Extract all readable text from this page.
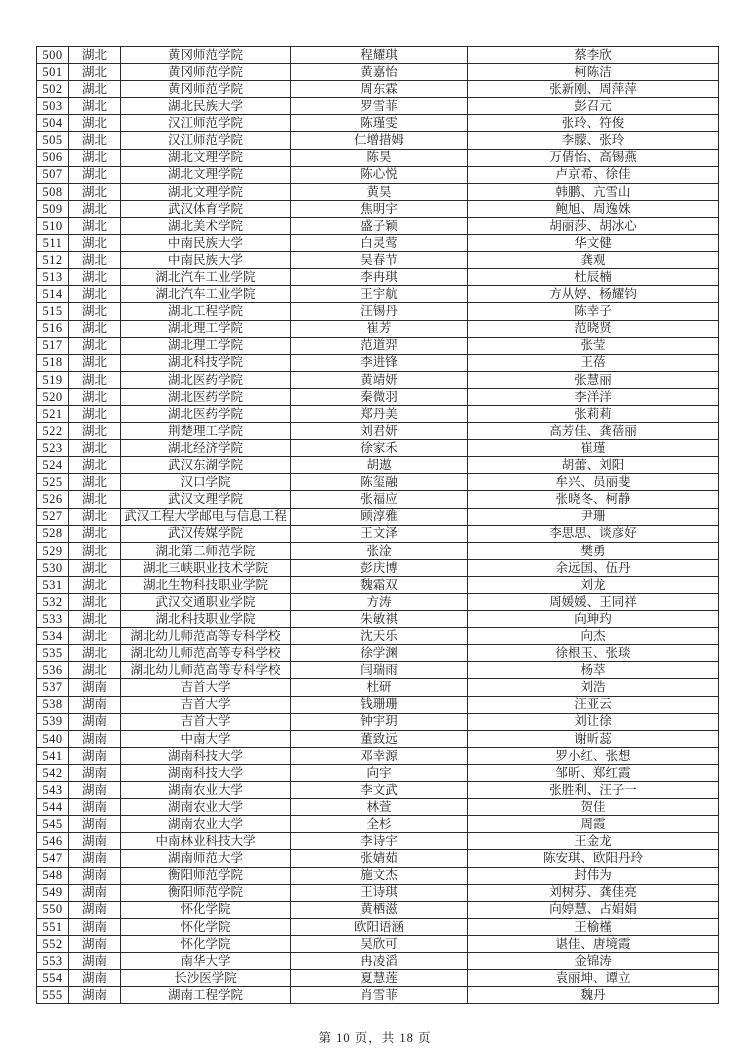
500	湖北	黄冈师范学院	程耀琪	蔡李欣
501	湖北	黄冈师范学院	黄嘉怡	柯陈洁
502	湖北	黄冈师范学院	周东霖	张新刚、周萍萍
503	湖北	湖北民族大学	罗雪菲	彭召元
504	湖北	汉江师范学院	陈瑾雯	张玲、符俊
505	湖北	汉江师范学院	仁增措姆	李朦、张玲
506	湖北	湖北文理学院	陈昊	万倩怡、高锡燕
507	湖北	湖北文理学院	陈心悦	卢京希、徐佳
508	湖北	湖北文理学院	黄昊	韩鹏、亢雪山
509	湖北	武汉体育学院	焦明宇	鲍旭、周逸姝
510	湖北	湖北美术学院	盛子颖	胡丽莎、胡冰心
511	湖北	中南民族大学	白灵莺	华文健
512	湖北	中南民族大学	吴春节	龚观
513	湖北	湖北汽车工业学院	李冉琪	杜辰楠
514	湖北	湖北汽车工业学院	王宇航	方从婷、杨耀钧
515	湖北	湖北工程学院	汪锡丹	陈幸子
516	湖北	湖北理工学院	崔芳	范晓贤
517	湖北	湖北理工学院	范道羿	张莹
518	湖北	湖北科技学院	李进锋	王蓓
519	湖北	湖北医药学院	黄靖妍	张慧丽
520	湖北	湖北医药学院	秦微羽	李洋洋
521	湖北	湖北医药学院	郑丹美	张莉莉
522	湖北	荆楚理工学院	刘君妍	高芳佳、龚蓓丽
523	湖北	湖北经济学院	徐家禾	崔瑾
524	湖北	武汉东湖学院	胡遨	胡蕾、刘阳
525	湖北	汉口学院	陈玺融	牟兴、员丽斐
526	湖北	武汉文理学院	张福应	张晓冬、柯静
527	湖北	武汉工程大学邮电与信息工程	顾淳雅	尹珊
528	湖北	武汉传媒学院	王文泽	李思思、谈彦好
529	湖北	湖北第二师范学院	张淦	樊勇
530	湖北	湖北三峡职业技术学院	彭庆博	余远国、伍丹
531	湖北	湖北生物科技职业学院	魏霜双	刘龙
532	湖北	武汉交通职业学院	方涛	周媛媛、王同祥
533	湖北	湖北科技职业学院	朱敏祺	向珅玓
534	湖北	湖北幼儿师范高等专科学校	沈天乐	向杰
535	湖北	湖北幼儿师范高等专科学校	徐学渊	徐根玉、张琰
536	湖北	湖北幼儿师范高等专科学校	闫瑞雨	杨萃
537	湖南	吉首大学	杜研	刘浩
538	湖南	吉首大学	钱珊珊	汪亚云
539	湖南	吉首大学	钟宇玥	刘让徐
540	湖南	中南大学	董致远	谢昕蕊
541	湖南	湖南科技大学	邓幸源	罗小红、张想
542	湖南	湖南科技大学	向宇	邹昕、郑红霞
543	湖南	湖南农业大学	李文武	张胜利、汪子一
544	湖南	湖南农业大学	林萱	贺佳
545	湖南	湖南农业大学	全杉	周霞
546	湖南	中南林业科技大学	李诗宇	王金龙
547	湖南	湖南师范大学	张婧茹	陈安琪、欧阳丹玲
548	湖南	衡阳师范学院	施文杰	封伟为
549	湖南	衡阳师范学院	王诗琪	刘树芬、龚佳亮
550	湖南	怀化学院	黄栖滋	向婷慧、占娟娟
551	湖南	怀化学院	欧阳语涵	王榆槿
552	湖南	怀化学院	吴欣可	谌佳、唐境霞
553	湖南	南华大学	冉凌滔	金锦涛
554	湖南	长沙医学院	夏慧莲	袁丽坤、谭立
555	湖南	湖南工程学院	肖雪菲	魏丹
第 10 页，共 18 页
